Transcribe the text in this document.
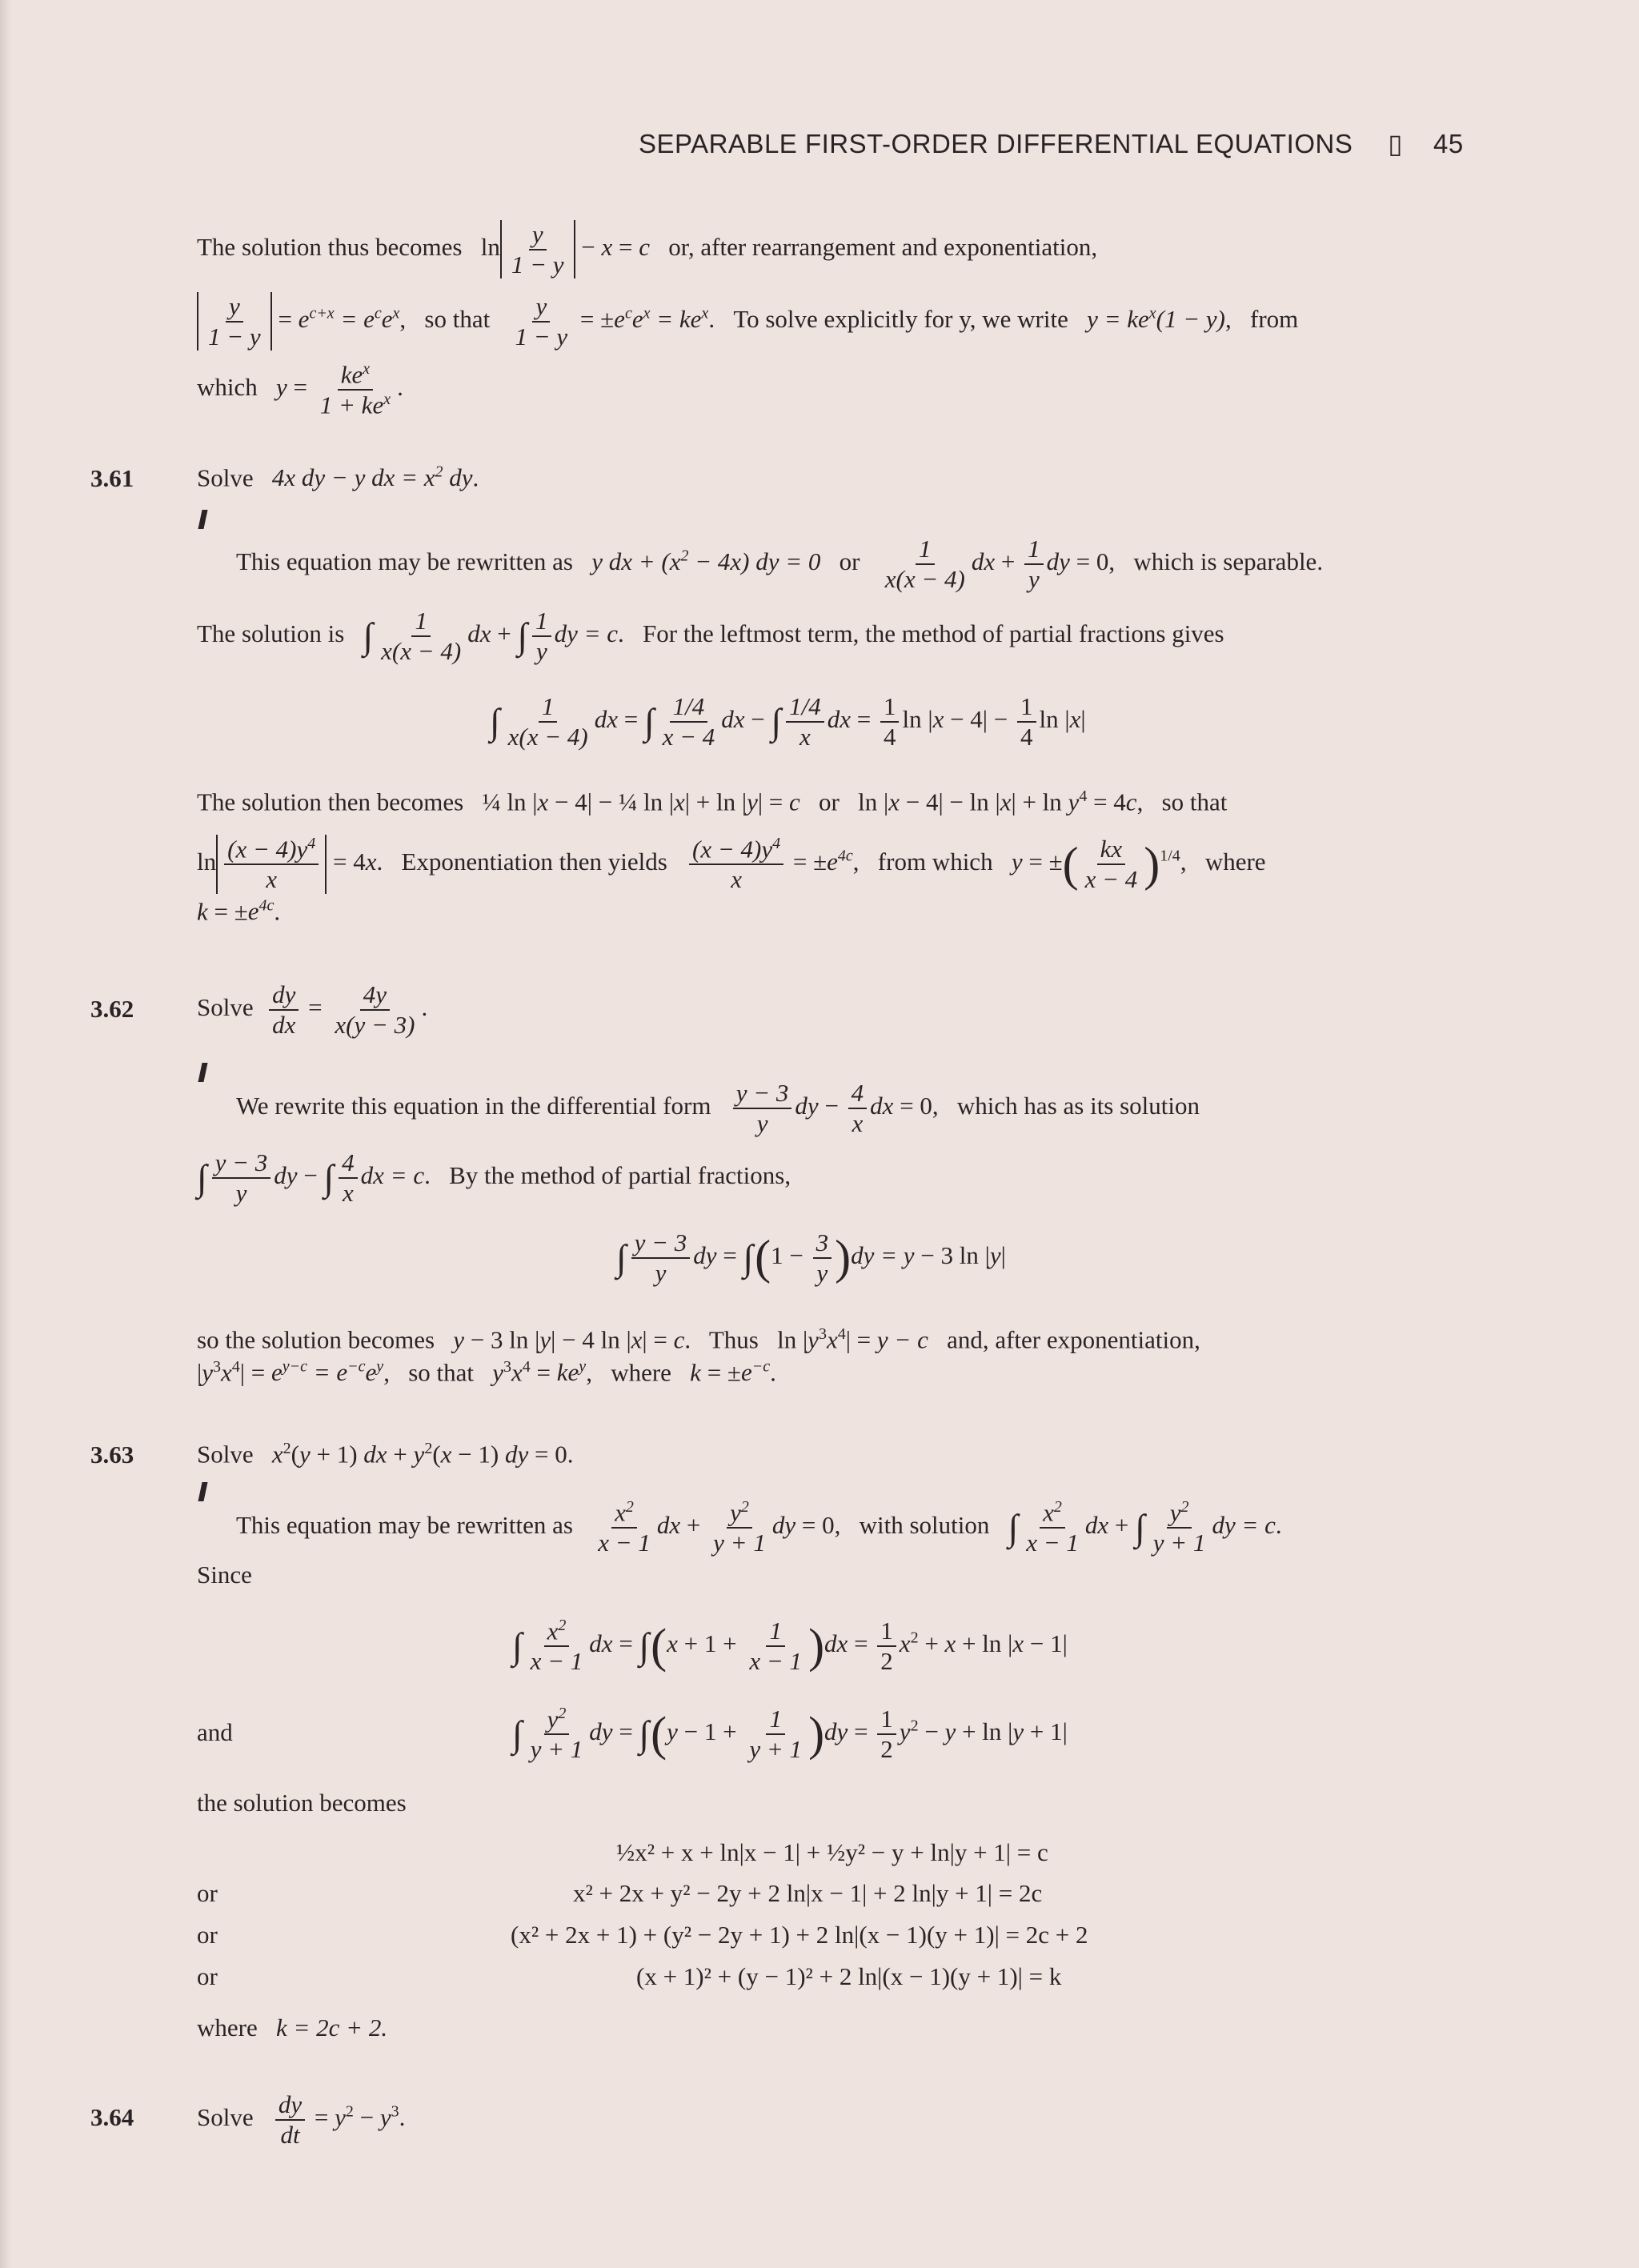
SEPARABLE FIRST-ORDER DIFFERENTIAL EQUATIONS ▯ 45
The solution thus becomes   $\ln \frac{y}{1 - y} - x = c$ or, after rearrangement and exponentiation,
$\frac{y}{1 - y} = e^{c+x} = e^ce^x$,   so that $\frac{y}{1 - y} = \pm e^ce^x = ke^x$.   To solve explicitly for y, we write $y = ke^x(1 - y)$,   from
which $y = \frac{ke^x}{1 + ke^x}$ .
3.61	Solve 4x dy − y dx = $x^2$ dy.
This equation may be rewritten as y dx + $(x^2 - 4x)$ dy = 0 or $\frac{1}{x(x - 4)}$ dx + $\frac{1}{y}$ dy = 0,   which is separable.
The solution is ∫ $\frac{1}{x(x - 4)}$ dx + ∫ $\frac{1}{y}$ dy = c.   For the leftmost term, the method of partial fractions gives
∫ $\frac{1}{x(x - 4)}$ dx = ∫ $\frac{1/4}{x - 4}$ dx − ∫ $\frac{1/4}{x}$ dx = $\frac{1}{4}$ $\ln |x - 4| - \frac{1}{4}$ ln |x|
The solution then becomes   ¼ ln |x − 4| − ¼ ln |x| + ln |y| = c or   $\ln |x - 4| - \ln |x| + \ln y^4 = 4c$,   so that
$\ln \frac{(x - 4)y^4}{x} = 4x$.   Exponentiation then yields $\frac{(x - 4)y^4}{x} = \pm e^{4c}$,   from which y = ±( $\frac{kx}{x - 4} )^{1/4}$,   where
$k = \pm e^{4c}$.
3.62	Solve $\frac{dy}{dx} = \frac{4y}{x(y - 3)}$ .
We rewrite this equation in the differential form $\frac{y - 3}{y}$ dy − $\frac{4}{x}$ dx = 0,   which has as its solution
∫ $\frac{y - 3}{y}$ dy − ∫ $\frac{4}{x}$ dx = c.   By the method of partial fractions,
∫ $\frac{y - 3}{y}$ dy = $\int(1 - \frac{3}{y} )dy = y - 3$ ln |y|
so the solution becomes y − 3 ln |y| − 4 ln |x| = c.   Thus   $\ln |y^3x^4| = y - c$ and, after exponentiation,
$|y^3x^4| = e^{y-c} = e^{-c}e^y$,   so that $y^3x^4 = ke^y$,   where $k = \pm e^{-c}$.
3.63	Solve $x^2(y + 1)$ dx + $y^2(x - 1)$ dy = 0.
This equation may be rewritten as $\frac{x^2}{x - 1}$ dx + $\frac{y^2}{y + 1}$ dy = 0,   with solution ∫ $\frac{x^2}{x - 1}$ dx + ∫ $\frac{y^2}{y + 1}$ dy = c.
Since
∫ $\frac{x^2}{x - 1}$ dx = $\int(x + 1 + \frac{1}{x - 1} )dx = \frac{1}{2} x^2 + x + \ln |x - 1|$
and	∫ $\frac{y^2}{y + 1}$ dy = $\int(y - 1 + \frac{1}{y + 1} )dy = \frac{1}{2} y^2 - y + \ln |y + 1|$
the solution becomes
½x² + x + ln|x − 1| + ½y² − y + ln|y + 1| = c
or	x² + 2x + y² − 2y + 2 ln|x − 1| + 2 ln|y + 1| = 2c
or	(x² + 2x + 1) + (y² − 2y + 1) + 2 ln|(x − 1)(y + 1)| = 2c + 2
or	(x + 1)² + (y − 1)² + 2 ln|(x − 1)(y + 1)| = k
where k = 2c + 2.
3.64	Solve $\frac{dy}{dt} = y^2 - y^3$.
